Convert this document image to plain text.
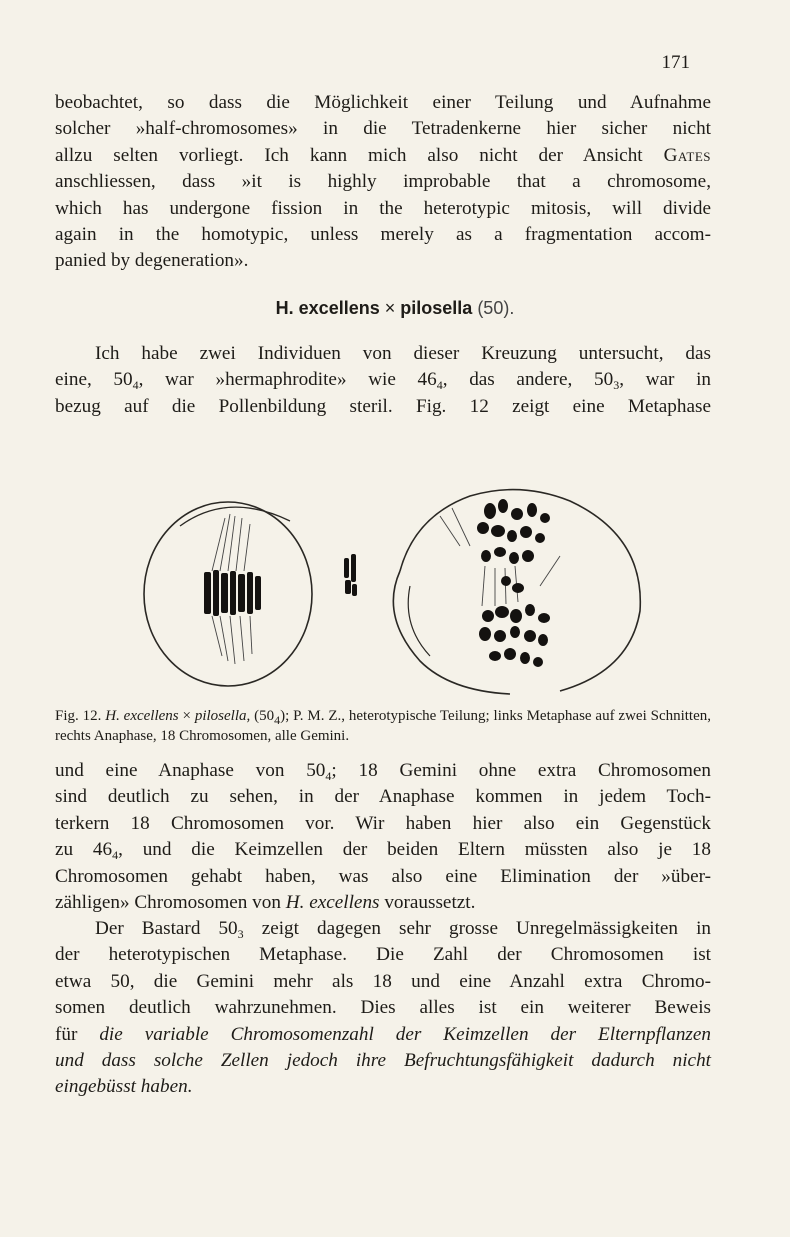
171

beobachtet, so dass die Möglichkeit einer Teilung und Aufnahme
solcher »half-chromosomes» in die Tetradenkerne hier sicher nicht
allzu selten vorliegt. Ich kann mich also nicht der Ansicht Gates
anschliessen, dass »it is highly improbable that a chromosome,
which has undergone fission in the heterotypic mitosis, will divide
again in the homotypic, unless merely as a fragmentation accom-
panied by degeneration».

H. excellens × pilosella (50).

Ich habe zwei Individuen von dieser Kreuzung untersucht, das
eine, $50_4$, war »hermaphrodite» wie $46_4$, das andere, $50_3$, war in
bezug auf die Pollenbildung steril. Fig. 12 zeigt eine Metaphase

Fig. 12. H. excellens × pilosella, $(50_4)$; P. M. Z., heterotypische Teilung; links Metaphase auf zwei Schnitten, rechts Anaphase, 18 Chromosomen, alle Gemini.

und eine Anaphase von $50_4$; 18 Gemini ohne extra Chromosomen
sind deutlich zu sehen, in der Anaphase kommen in jedem Toch-
terkern 18 Chromosomen vor. Wir haben hier also ein Gegenstück
zu $46_4$, und die Keimzellen der beiden Eltern müssten also je 18
Chromosomen gehabt haben, was also eine Elimination der »über-
zähligen» Chromosomen von H. excellens voraussetzt.

Der Bastard $50_3$ zeigt dagegen sehr grosse Unregelmässigkeiten in
der heterotypischen Metaphase. Die Zahl der Chromosomen ist
etwa 50, die Gemini mehr als 18 und eine Anzahl extra Chromo-
somen deutlich wahrzunehmen. Dies alles ist ein weiterer Beweis
für die variable Chromosomenzahl der Keimzellen der Elternpflanzen
und dass solche Zellen jedoch ihre Befruchtungsfähigkeit dadurch nicht
eingebüsst haben.
